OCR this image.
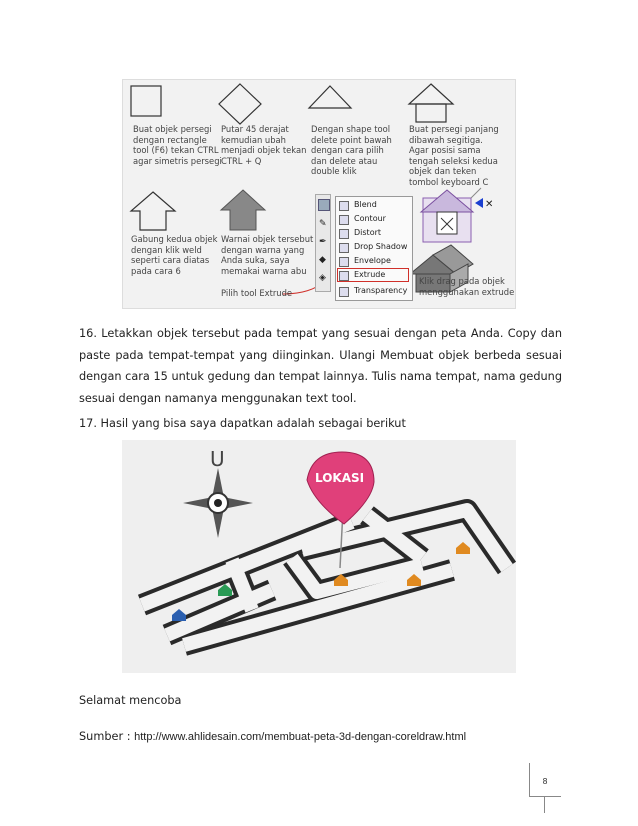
✕
Buat objek persegi
dengan rectangle
tool (F6) tekan CTRL
agar simetris persegi
Putar 45 derajat
kemudian ubah
menjadi objek tekan
CTRL + Q
Dengan shape tool
delete point bawah
dengan cara pilih
dan delete atau
double klik
Buat persegi panjang
dibawah segitiga.
Agar posisi sama
tengah seleksi kedua
objek dan teken
tombol keyboard C
Gabung kedua objek
dengan klik weld
seperti cara diatas
pada cara 6
Warnai objek tersebut
dengan warna yang
Anda suka, saya
memakai warna abu
Pilih tool Extrude
Klik drag pada objek
menggunakan extrude
✎
✒
◆
◈
Blend
Contour
Distort
Drop Shadow
Envelope
Extrude
Transparency
16. Letakkan objek tersebut pada tempat yang sesuai dengan peta Anda. Copy dan paste pada tempat-tempat yang diinginkan. Ulangi Membuat objek berbeda sesuai dengan cara 15 untuk gedung dan tempat lainnya. Tulis nama tempat, nama gedung sesuai dengan namanya menggunakan text tool.
17. Hasil yang bisa saya dapatkan adalah sebagai berikut
U
LOKASI
Selamat mencoba
Sumber : http://www.ahlidesain.com/membuat-peta-3d-dengan-coreldraw.html
8
